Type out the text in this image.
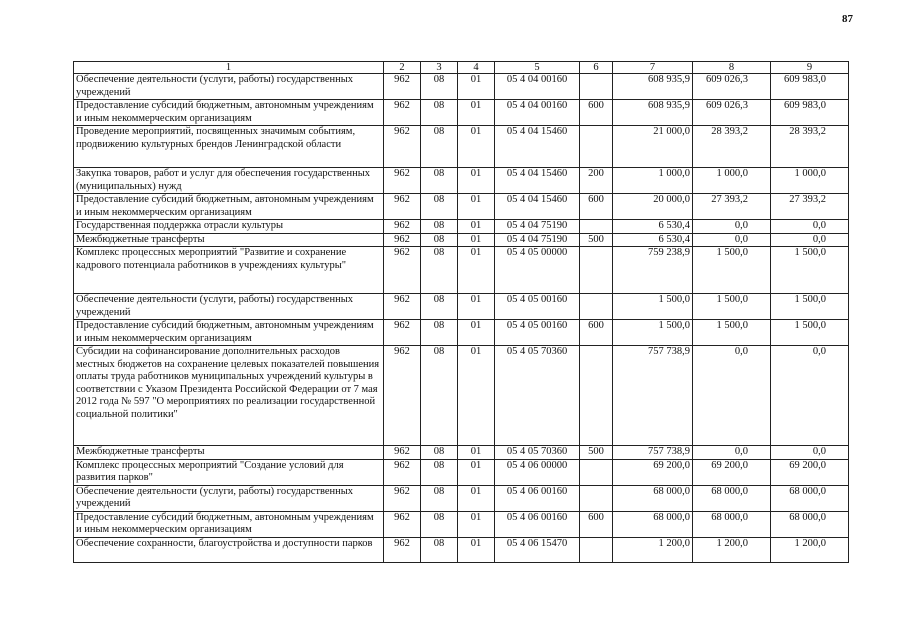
87
1	2	3	4	5	6	7	8	9
Обеспечение деятельности (услуги, работы) государственных учреждений	962	08	01	05 4 04 00160		608 935,9	609 026,3	609 983,0
Предоставление субсидий бюджетным, автономным учреждениям и иным некоммерческим организациям	962	08	01	05 4 04 00160	600	608 935,9	609 026,3	609 983,0
Проведение мероприятий, посвященных значимым событиям, продвижению культурных брендов Ленинградской области	962	08	01	05 4 04 15460		21 000,0	28 393,2	28 393,2
Закупка товаров, работ и услуг для обеспечения государственных (муниципальных) нужд	962	08	01	05 4 04 15460	200	1 000,0	1 000,0	1 000,0
Предоставление субсидий бюджетным, автономным учреждениям и иным некоммерческим организациям	962	08	01	05 4 04 15460	600	20 000,0	27 393,2	27 393,2
Государственная поддержка отрасли культуры	962	08	01	05 4 04 75190		6 530,4	0,0	0,0
Межбюджетные трансферты	962	08	01	05 4 04 75190	500	6 530,4	0,0	0,0
Комплекс процессных мероприятий "Развитие и сохранение кадрового потенциала работников в учреждениях культуры"	962	08	01	05 4 05 00000		759 238,9	1 500,0	1 500,0
Обеспечение деятельности (услуги, работы) государственных учреждений	962	08	01	05 4 05 00160		1 500,0	1 500,0	1 500,0
Предоставление субсидий бюджетным, автономным учреждениям и иным некоммерческим организациям	962	08	01	05 4 05 00160	600	1 500,0	1 500,0	1 500,0
Субсидии на софинансирование дополнительных расходов местных бюджетов на сохранение целевых показателей повышения оплаты труда работников муниципальных учреждений культуры в соответствии с Указом Президента Российской Федерации от 7 мая 2012 года № 597 "О мероприятиях по реализации государственной социальной политики"	962	08	01	05 4 05 70360		757 738,9	0,0	0,0
Межбюджетные трансферты	962	08	01	05 4 05 70360	500	757 738,9	0,0	0,0
Комплекс процессных мероприятий "Создание условий для развития парков"	962	08	01	05 4 06 00000		69 200,0	69 200,0	69 200,0
Обеспечение деятельности (услуги, работы) государственных учреждений	962	08	01	05 4 06 00160		68 000,0	68 000,0	68 000,0
Предоставление субсидий бюджетным, автономным учреждениям и иным некоммерческим организациям	962	08	01	05 4 06 00160	600	68 000,0	68 000,0	68 000,0
Обеспечение сохранности, благоустройства и доступности парков	962	08	01	05 4 06 15470		1 200,0	1 200,0	1 200,0
